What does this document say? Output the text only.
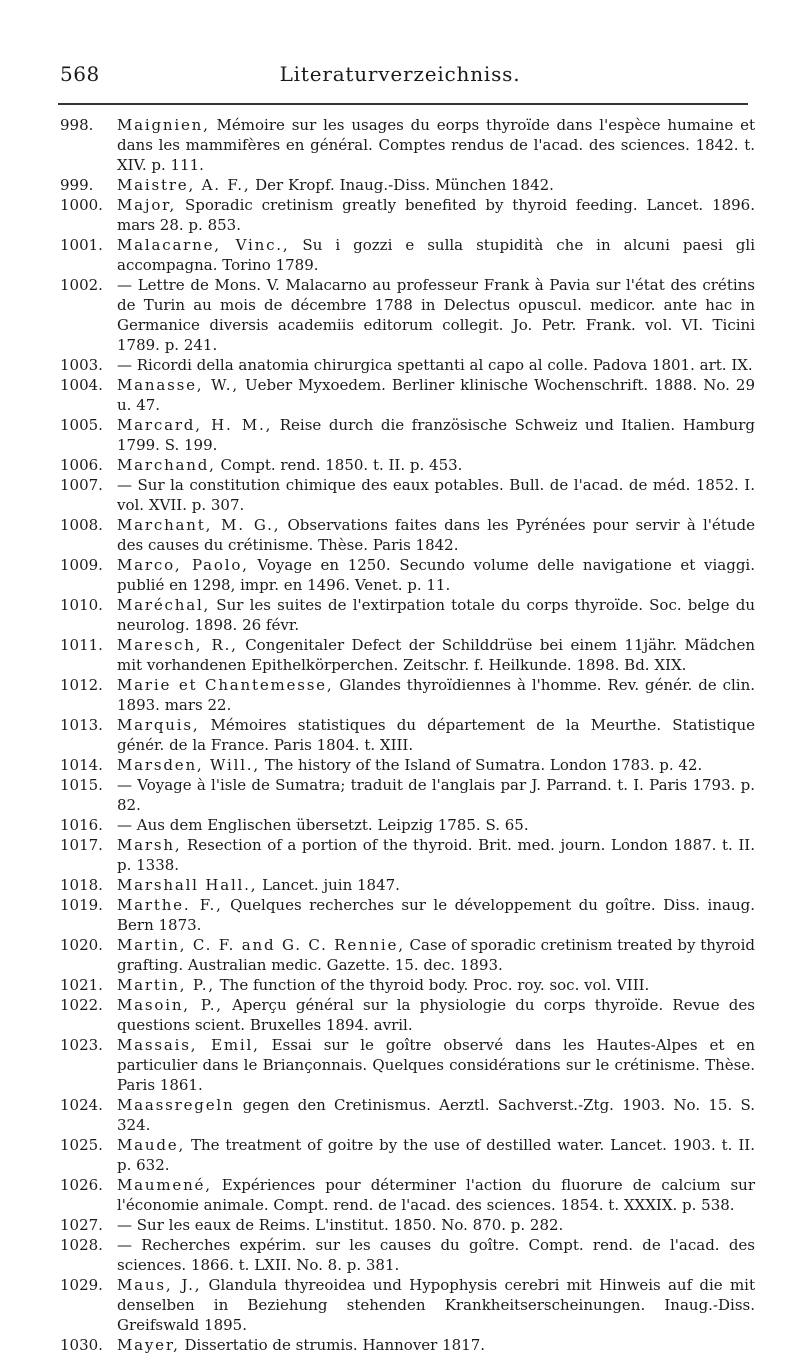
568	Literaturverzeichniss.
998.	Maignien, Mémoire sur les usages du eorps thyroïde dans l'espèce humaine et dans les mammifères en général. Comptes rendus de l'acad. des sciences. 1842. t. XIV. p. 111.
999.	Maistre, A. F., Der Kropf. Inaug.-Diss. München 1842.
1000. Major, Sporadic cretinism greatly benefited by thyroid feeding. Lancet. 1896. mars 28. p. 853.
1001. Malacarne, Vinc., Su i gozzi e sulla stupidità che in alcuni paesi gli accompagna. Torino 1789.
1002. — Lettre de Mons. V. Malacarno au professeur Frank à Pavia sur l'état des crétins de Turin au mois de décembre 1788 in Delectus opuscul. medicor. ante hac in Germanice diversis academiis editorum collegit. Jo. Petr. Frank. vol. VI. Ticini 1789. p. 241.
1003. — Ricordi della anatomia chirurgica spettanti al capo al colle. Padova 1801. art. IX.
1004. Manasse, W., Ueber Myxoedem. Berliner klinische Wochenschrift. 1888. No. 29 u. 47.
1005. Marcard, H. M., Reise durch die französische Schweiz und Italien. Hamburg 1799. S. 199.
1006. Marchand, Compt. rend. 1850. t. II. p. 453.
1007. — Sur la constitution chimique des eaux potables. Bull. de l'acad. de méd. 1852. I. vol. XVII. p. 307.
1008. Marchant, M. G., Observations faites dans les Pyrénées pour servir à l'étude des causes du crétinisme. Thèse. Paris 1842.
1009. Marco, Paolo, Voyage en 1250. Secundo volume delle navigatione et viaggi. publié en 1298, impr. en 1496. Venet. p. 11.
1010. Maréchal, Sur les suites de l'extirpation totale du corps thyroïde. Soc. belge du neurolog. 1898. 26 févr.
1011. Maresch, R., Congenitaler Defect der Schilddrüse bei einem 11jähr. Mädchen mit vorhandenen Epithelkörperchen. Zeitschr. f. Heilkunde. 1898. Bd. XIX.
1012. Marie et Chantemesse, Glandes thyroïdiennes à l'homme. Rev. génér. de clin. 1893. mars 22.
1013. Marquis, Mémoires statistiques du département de la Meurthe. Statistique génér. de la France. Paris 1804. t. XIII.
1014. Marsden, Will., The history of the Island of Sumatra. London 1783. p. 42.
1015. — Voyage à l'isle de Sumatra; traduit de l'anglais par J. Parrand. t. I. Paris 1793. p. 82.
1016. — Aus dem Englischen übersetzt. Leipzig 1785. S. 65.
1017. Marsh, Resection of a portion of the thyroid. Brit. med. journ. London 1887. t. II. p. 1338.
1018. Marshall Hall., Lancet. juin 1847.
1019. Marthe. F., Quelques recherches sur le développement du goître. Diss. inaug. Bern 1873.
1020. Martin, C. F. and G. C. Rennie, Case of sporadic cretinism treated by thyroid grafting. Australian medic. Gazette. 15. dec. 1893.
1021. Martin, P., The function of the thyroid body. Proc. roy. soc. vol. VIII.
1022. Masoin, P., Aperçu général sur la physiologie du corps thyroïde. Revue des questions scient. Bruxelles 1894. avril.
1023. Massais, Emil, Essai sur le goître observé dans les Hautes-Alpes et en particulier dans le Briançonnais. Quelques considérations sur le crétinisme. Thèse. Paris 1861.
1024. Maassregeln gegen den Cretinismus. Aerztl. Sachverst.-Ztg. 1903. No. 15. S. 324.
1025. Maude, The treatment of goitre by the use of destilled water. Lancet. 1903. t. II. p. 632.
1026. Maumené, Expériences pour déterminer l'action du fluorure de calcium sur l'économie animale. Compt. rend. de l'acad. des sciences. 1854. t. XXXIX. p. 538.
1027. — Sur les eaux de Reims. L'institut. 1850. No. 870. p. 282.
1028. — Recherches expérim. sur les causes du goître. Compt. rend. de l'acad. des sciences. 1866. t. LXII. No. 8. p. 381.
1029. Maus, J., Glandula thyreoidea und Hypophysis cerebri mit Hinweis auf die mit denselben in Beziehung stehenden Krankheitserscheinungen. Inaug.-Diss. Greifswald 1895.
1030. Mayer, Dissertatio de strumis. Hannover 1817.
